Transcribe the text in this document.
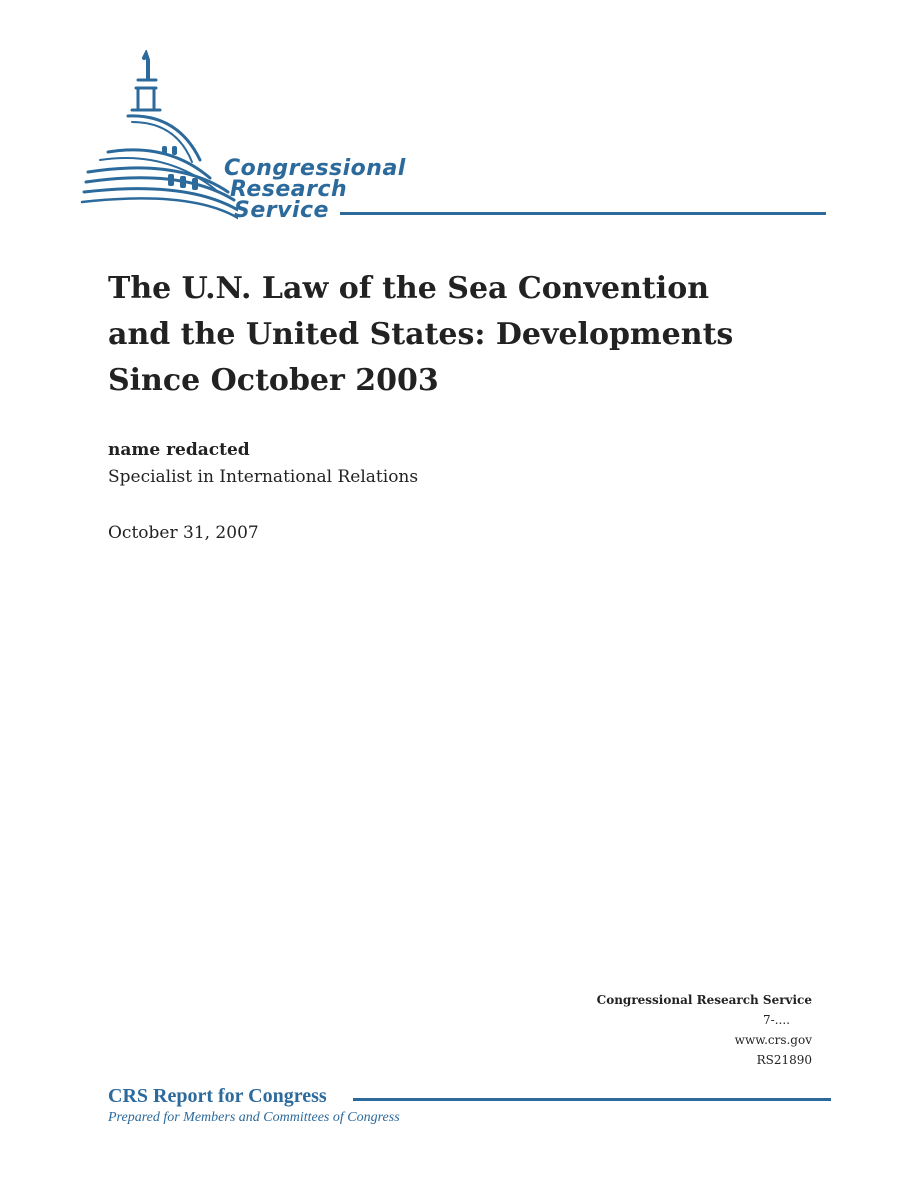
Congressional
Research
Service
The U.N. Law of the Sea Convention
and the United States: Developments
Since October 2003
name redacted
Specialist in International Relations
October 31, 2007
Congressional Research Service
7-....
www.crs.gov
RS21890
CRS Report for Congress
Prepared for Members and Committees of Congress
